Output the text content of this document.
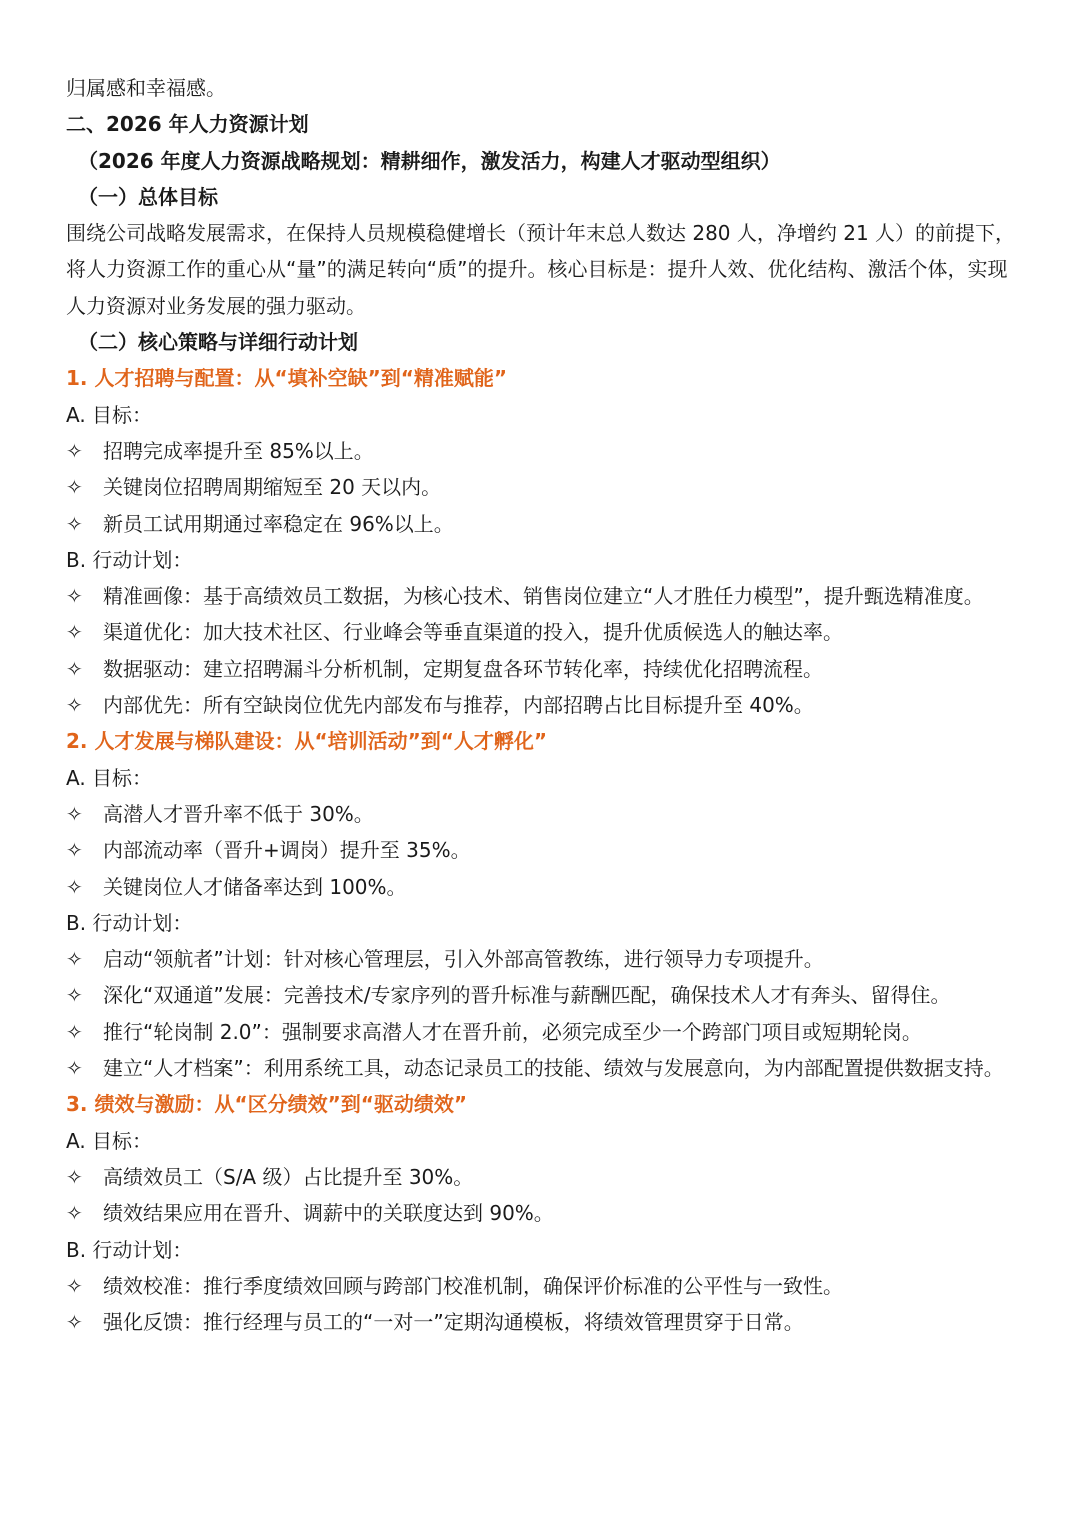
归属感和幸福感。
二、2026 年人力资源计划
（2026 年度人力资源战略规划：精耕细作，激发活力，构建人才驱动型组织）
（一）总体目标
围绕公司战略发展需求，在保持人员规模稳健增长（预计年末总人数达 280 人，净增约 21 人）的前提下，将人力资源工作的重心从“量”的满足转向“质”的提升。核心目标是：提升人效、优化结构、激活个体，实现人力资源对业务发展的强力驱动。
（二）核心策略与详细行动计划
1. 人才招聘与配置：从“填补空缺”到“精准赋能”
A. 目标：
✧	招聘完成率提升至 85%以上。
✧	关键岗位招聘周期缩短至 20 天以内。
✧	新员工试用期通过率稳定在 96%以上。
B. 行动计划：
✧	精准画像：基于高绩效员工数据，为核心技术、销售岗位建立“人才胜任力模型”，提升甄选精准度。
✧	渠道优化：加大技术社区、行业峰会等垂直渠道的投入，提升优质候选人的触达率。
✧	数据驱动：建立招聘漏斗分析机制，定期复盘各环节转化率，持续优化招聘流程。
✧	内部优先：所有空缺岗位优先内部发布与推荐，内部招聘占比目标提升至 40%。
2. 人才发展与梯队建设：从“培训活动”到“人才孵化”
A. 目标：
✧	高潜人才晋升率不低于 30%。
✧	内部流动率（晋升+调岗）提升至 35%。
✧	关键岗位人才储备率达到 100%。
B. 行动计划：
✧	启动“领航者”计划：针对核心管理层，引入外部高管教练，进行领导力专项提升。
✧	深化“双通道”发展：完善技术/专家序列的晋升标准与薪酬匹配，确保技术人才有奔头、留得住。
✧	推行“轮岗制 2.0”：强制要求高潜人才在晋升前，必须完成至少一个跨部门项目或短期轮岗。
✧	建立“人才档案”：利用系统工具，动态记录员工的技能、绩效与发展意向，为内部配置提供数据支持。
3. 绩效与激励：从“区分绩效”到“驱动绩效”
A. 目标：
✧	高绩效员工（S/A 级）占比提升至 30%。
✧	绩效结果应用在晋升、调薪中的关联度达到 90%。
B. 行动计划：
✧	绩效校准：推行季度绩效回顾与跨部门校准机制，确保评价标准的公平性与一致性。
✧	强化反馈：推行经理与员工的“一对一”定期沟通模板，将绩效管理贯穿于日常。
